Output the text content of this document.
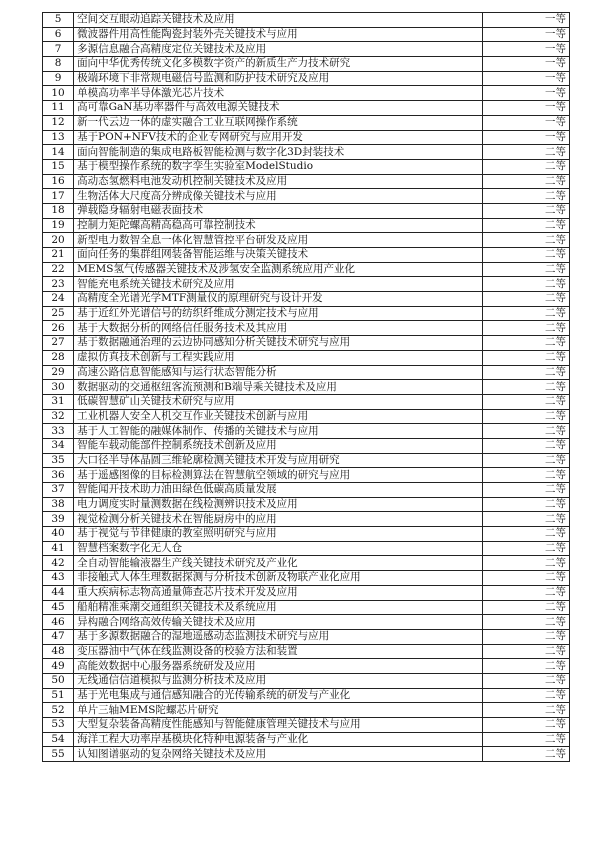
5	空间交互眼动追踪关键技术及应用	一等
6	微波器件用高性能陶瓷封装外壳关键技术与应用	一等
7	多源信息融合高精度定位关键技术及应用	一等
8	面向中华优秀传统文化多模数字资产的新质生产力技术研究	一等
9	极端环境下非常规电磁信号监测和防护技术研究及应用	一等
10	单模高功率半导体激光芯片技术	一等
11	高可靠GaN基功率器件与高效电源关键技术	一等
12	新一代云边一体的虚实融合工业互联网操作系统	一等
13	基于PON+NFV技术的企业专网研究与应用开发	一等
14	面向智能制造的集成电路板智能检测与数字化3D封装技术	二等
15	基于模型操作系统的数字孪生实验室ModelStudio	二等
16	高动态氢燃料电池发动机控制关键技术及应用	二等
17	生物活体大尺度高分辨成像关键技术与应用	二等
18	弹载隐身辐射电磁表面技术	二等
19	控制力矩陀螺高精高稳高可靠控制技术	二等
20	新型电力数智全息一体化智慧管控平台研发及应用	二等
21	面向任务的集群组网装备智能运维与决策关键技术	二等
22	MEMS氢气传感器关键技术及涉氢安全监测系统应用产业化	二等
23	智能充电系统关键技术研究及应用	二等
24	高精度全光谱光学MTF测量仪的原理研究与设计开发	二等
25	基于近红外光谱信号的纺织纤维成分测定技术与应用	二等
26	基于大数据分析的网络信任服务技术及其应用	二等
27	基于数据融通治理的云边协同感知分析关键技术研究与应用	二等
28	虚拟仿真技术创新与工程实践应用	二等
29	高速公路信息智能感知与运行状态智能分析	二等
30	数据驱动的交通枢纽客流预测和B端导乘关键技术及应用	二等
31	低碳智慧矿山关键技术研究与应用	二等
32	工业机器人安全人机交互作业关键技术创新与应用	二等
33	基于人工智能的融媒体制作、传播的关键技术与应用	二等
34	智能车载动能部件控制系统技术创新及应用	二等
35	大口径半导体晶圆三维轮廓检测关键技术开发与应用研究	二等
36	基于遥感图像的目标检测算法在智慧航空领域的研究与应用	二等
37	智能闻开技术助力油田绿色低碳高质量发展	二等
38	电力调度实时量测数据在线检测辨识技术及应用	二等
39	视觉检测分析关键技术在智能厨房中的应用	二等
40	基于视觉与节律健康的教室照明研究与应用	二等
41	智慧档案数字化无人仓	二等
42	全自动智能输液器生产线关键技术研究及产业化	二等
43	非接触式人体生理数据探测与分析技术创新及物联产业化应用	二等
44	重大疾病标志物高通量筛查芯片技术开发及应用	二等
45	船舶精准乘潮交通组织关键技术及系统应用	二等
46	异构融合网络高效传输关键技术及应用	二等
47	基于多源数据融合的湿地遥感动态监测技术研究与应用	二等
48	变压器油中气体在线监测设备的校验方法和装置	二等
49	高能效数据中心服务器系统研发及应用	二等
50	无线通信信道模拟与监测分析技术及应用	二等
51	基于光电集成与通信感知融合的光传输系统的研发与产业化	二等
52	单片三轴MEMS陀螺芯片研究	二等
53	大型复杂装备高精度性能感知与智能健康管理关键技术与应用	二等
54	海洋工程大功率岸基模块化特种电源装备与产业化	二等
55	认知图谱驱动的复杂网络关键技术及应用	二等
